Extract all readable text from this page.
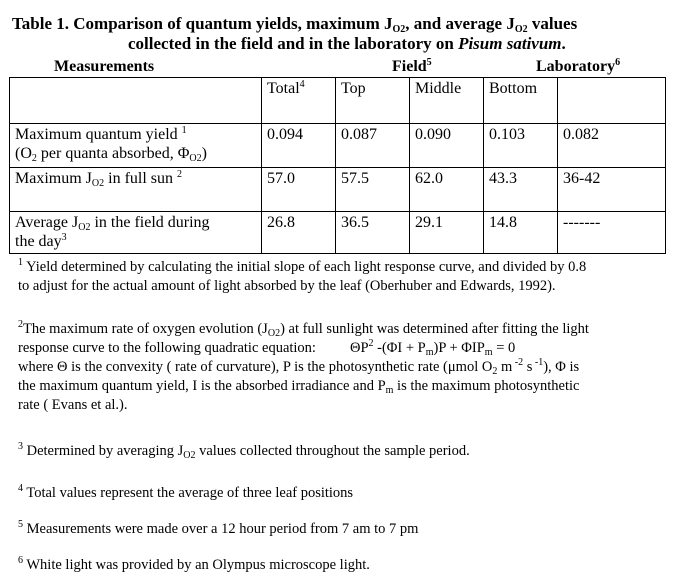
Table 1. Comparison of quantum yields, maximum $J_{O2}$, and average $J_{O2}$ values
collected in the field and in the laboratory on Pisum sativum.
Measurements	Field$^5$	Laboratory$^6$
	Total$^4$	Top	Middle	Bottom	
Maximum quantum yield $^1$
($O_2$ per quanta absorbed, $\Phi_{O2}$)	0.094	0.087	0.090	0.103	0.082
Maximum $J_{O2}$ in full sun $^2$	57.0	57.5	62.0	43.3	36-42
Average $J_{O2}$ in the field during
the day$^3$	26.8	36.5	29.1	14.8	-------
$^1$ Yield determined by calculating the initial slope of each light response curve, and divided by 0.8
to adjust for the actual amount of light absorbed by the leaf (Oberhuber and Edwards, 1992).
$^2$The maximum rate of oxygen evolution $(J_{O2})$ at full sunlight was determined after fitting the light
response curve to the following quadratic equation: $\Theta P^2$ $-(\Phi I + P_m)P + \Phi IP_m = 0$
where Θ is the convexity ( rate of curvature), P is the photosynthetic rate (μmol $O_2$ m $^{-2}$ s $^{-1}$), Φ is
the maximum quantum yield, I is the absorbed irradiance and $P_m$ is the maximum photosynthetic
rate ( Evans et al.).
$^3$ Determined by averaging $J_{O2}$ values collected throughout the sample period.
$^4$ Total values represent the average of three leaf positions
$^5$ Measurements were made over a 12 hour period from 7 am to 7 pm
$^6$ White light was provided by an Olympus microscope light.
